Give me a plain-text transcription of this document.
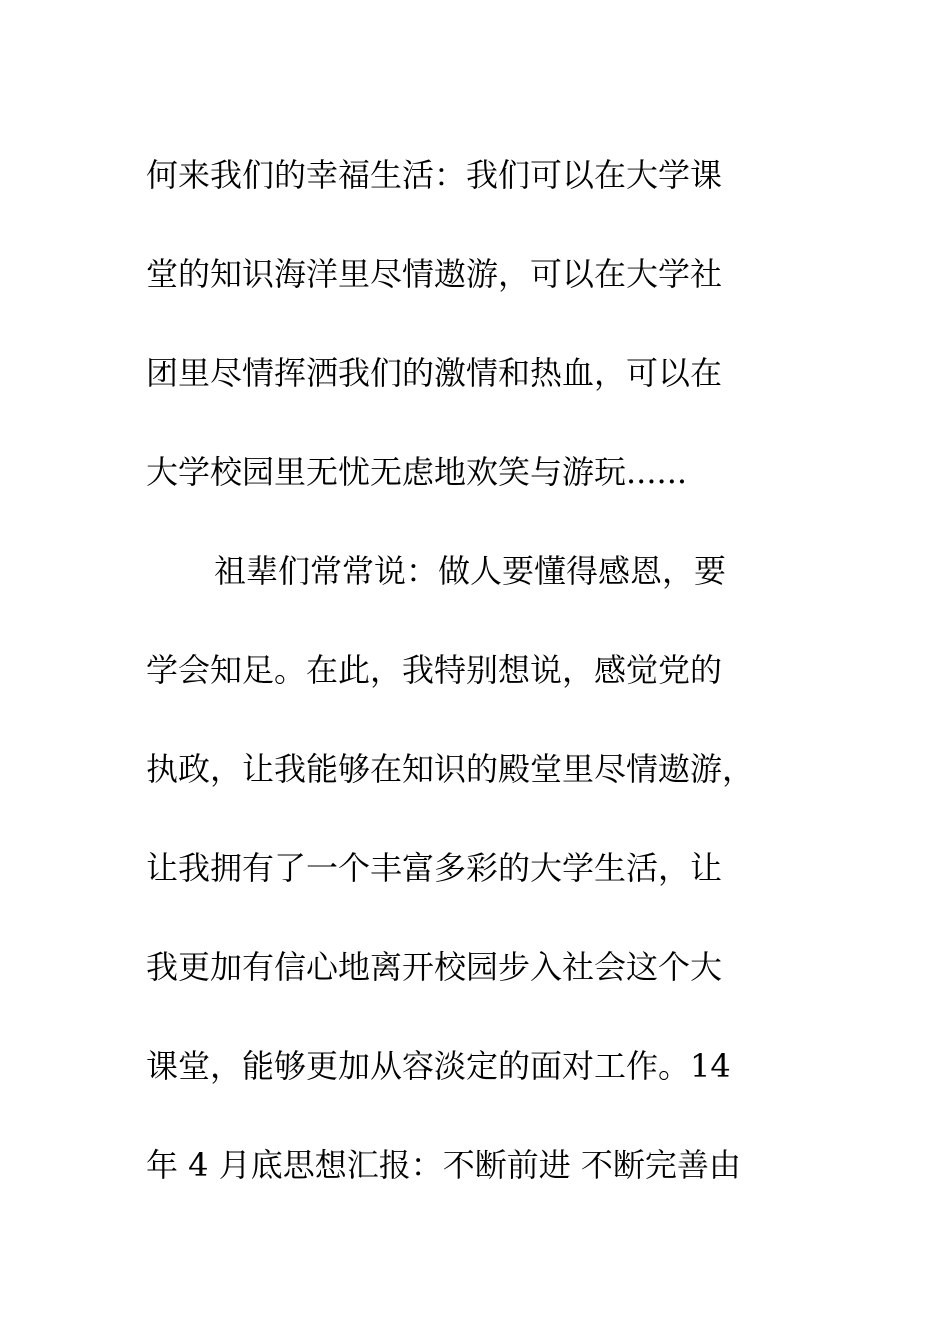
何来我们的幸福生活：我们可以在大学课
堂的知识海洋里尽情遨游，可以在大学社
团里尽情挥洒我们的激情和热血，可以在
大学校园里无忧无虑地欢笑与游玩......
祖辈们常常说：做人要懂得感恩，要
学会知足。在此，我特别想说，感觉党的
执政，让我能够在知识的殿堂里尽情遨游，
让我拥有了一个丰富多彩的大学生活，让
我更加有信心地离开校园步入社会这个大
课堂，能够更加从容淡定的面对工作。14
年 4 月底思想汇报：不断前进 不断完善由
